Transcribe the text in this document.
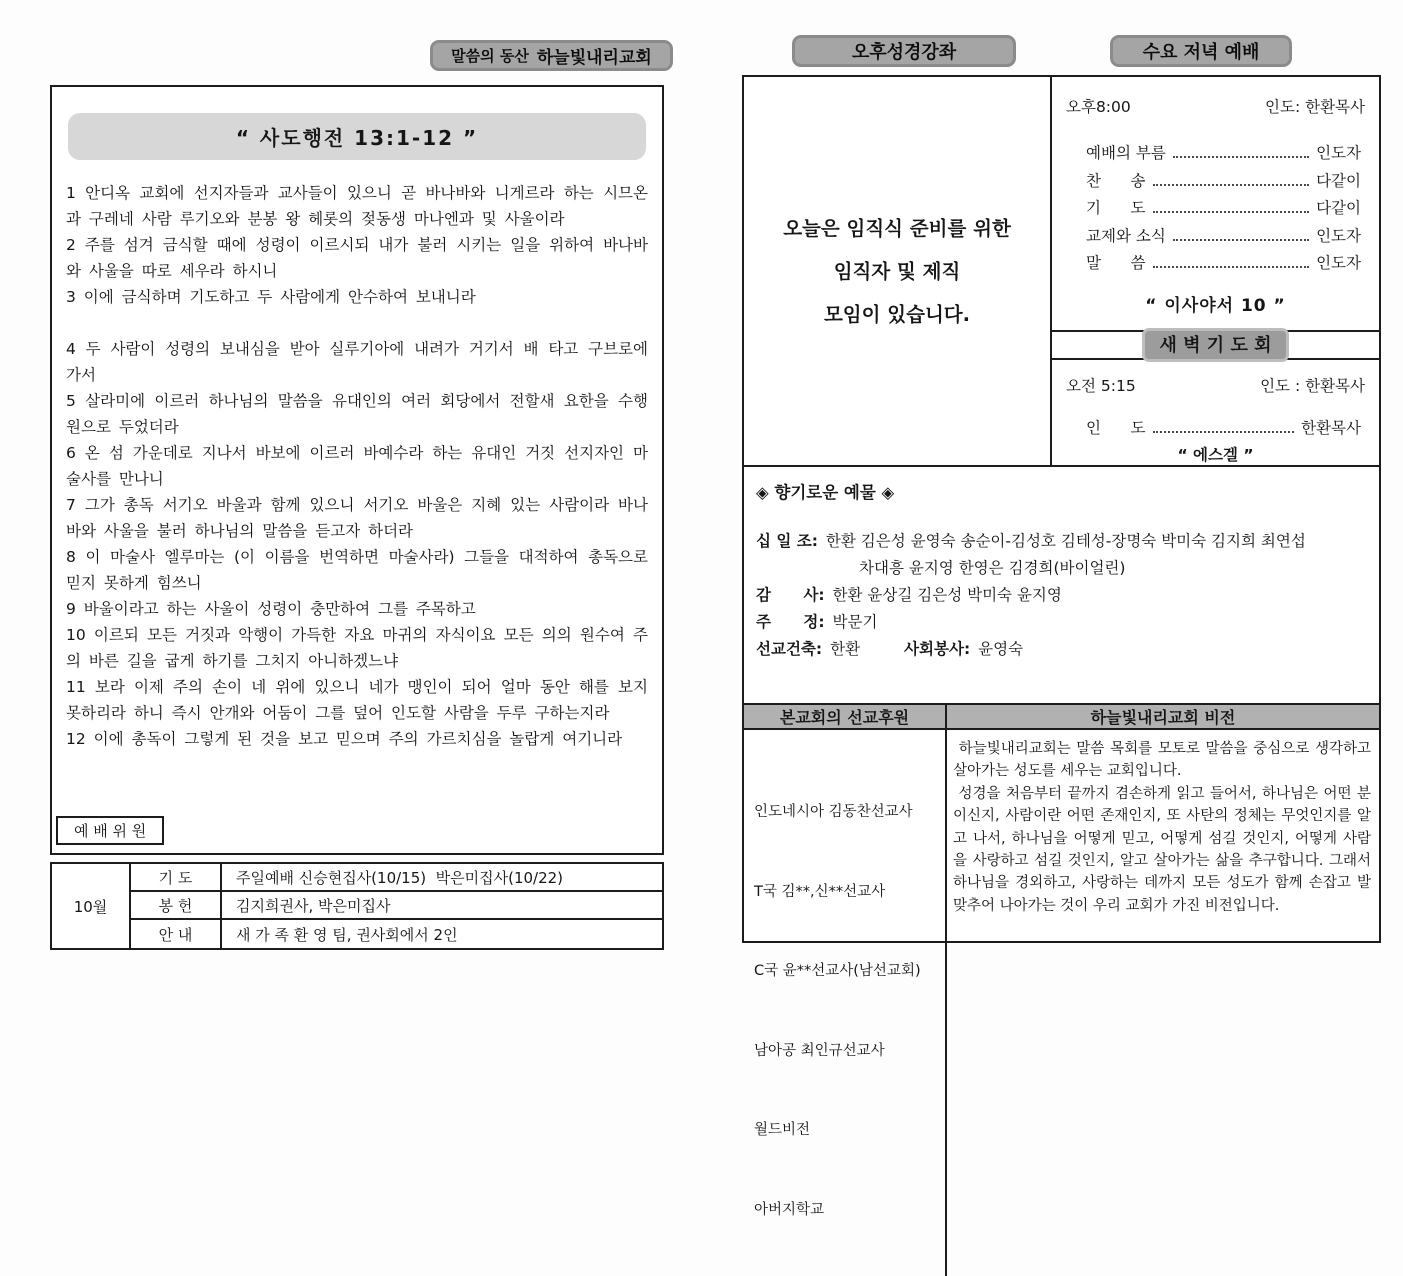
말씀의 동산 하늘빛내리교회
“ 사도행전 13:1-12 ”

1 안디옥 교회에 선지자들과 교사들이 있으니 곧 바나바와 니게르라 하는 시므온과 구레네 사람 루기오와 분봉 왕 헤롯의 젖동생 마나엔과 및 사울이라

2 주를 섬겨 금식할 때에 성령이 이르시되 내가 불러 시키는 일을 위하여 바나바와 사울을 따로 세우라 하시니

3 이에 금식하며 기도하고 두 사람에게 안수하여 보내니라

4 두 사람이 성령의 보내심을 받아 실루기아에 내려가 거기서 배 타고 구브로에 가서

5 살라미에 이르러 하나님의 말씀을 유대인의 여러 회당에서 전할새 요한을 수행원으로 두었더라

6 온 섬 가운데로 지나서 바보에 이르러 바예수라 하는 유대인 거짓 선지자인 마술사를 만나니

7 그가 총독 서기오 바울과 함께 있으니 서기오 바울은 지혜 있는 사람이라 바나바와 사울을 불러 하나님의 말씀을 듣고자 하더라

8 이 마술사 엘루마는 (이 이름을 번역하면 마술사라) 그들을 대적하여 총독으로 믿지 못하게 힘쓰니

9 바울이라고 하는 사울이 성령이 충만하여 그를 주목하고

10 이르되 모든 거짓과 악행이 가득한 자요 마귀의 자식이요 모든 의의 원수여 주의 바른 길을 굽게 하기를 그치지 아니하겠느냐

11 보라 이제 주의 손이 네 위에 있으니 네가 맹인이 되어 얼마 동안 해를 보지 못하리라 하니 즉시 안개와 어둠이 그를 덮어 인도할 사람을 두루 구하는지라

12 이에 총독이 그렇게 된 것을 보고 믿으며 주의 가르치심을 놀랍게 여기니라

예 배 위 원
10월
기 도	주일예배 신승현집사(10/15)  박은미집사(10/22)
봉 헌	김지희권사, 박은미집사
안 내	새 가 족 환 영 팀, 권사회에서 2인
오후성경강좌	수요 저녁 예배
오늘은 임직식 준비를 위한
임직자 및 제직
모임이 있습니다.
오후8:00	인도: 한환목사
예배의 부름	인도자
찬      송	다같이
기      도	다같이
교제와 소식	인도자
말      씀	인도자
“ 이사야서 10 ”
새 벽 기 도 회
오전 5:15	인도 : 한환목사
인      도	한환목사
“ 에스겔 ”
◈ 향기로운 예물 ◈
십 일 조: 한환 김은성 윤영숙 송순이-김성호 김테성-장명숙 박미숙 김지희 최연섭
차대흥 윤지영 한영은 김경희(바이얼린)
감      사: 한환 윤상길 김은성 박미숙 윤지영
주      정: 박문기
선교건축: 한환	사회봉사: 윤영숙
본교회의 선교후원	하늘빛내리교회 비전

인도네시아 김동찬선교사

T국 김**,신**선교사

C국 윤**선교사(남선교회)

남아공 최인규선교사

월드비전

아버지학교

하늘빛내리교회는 말씀 목회를 모토로 말씀을 중심으로 생각하고 살아가는 성도를 세우는 교회입니다.

성경을 처음부터 끝까지 겸손하게 읽고 들어서, 하나님은 어떤 분이신지, 사람이란 어떤 존재인지, 또 사탄의 정체는 무엇인지를 알고 나서, 하나님을 어떻게 믿고, 어떻게 섬길 것인지, 어떻게 사람을 사랑하고 섬길 것인지, 알고 살아가는 삶을 추구합니다. 그래서 하나님을 경외하고, 사랑하는 데까지 모든 성도가 함께 손잡고 발 맞추어 나아가는 것이 우리 교회가 가진 비전입니다.
